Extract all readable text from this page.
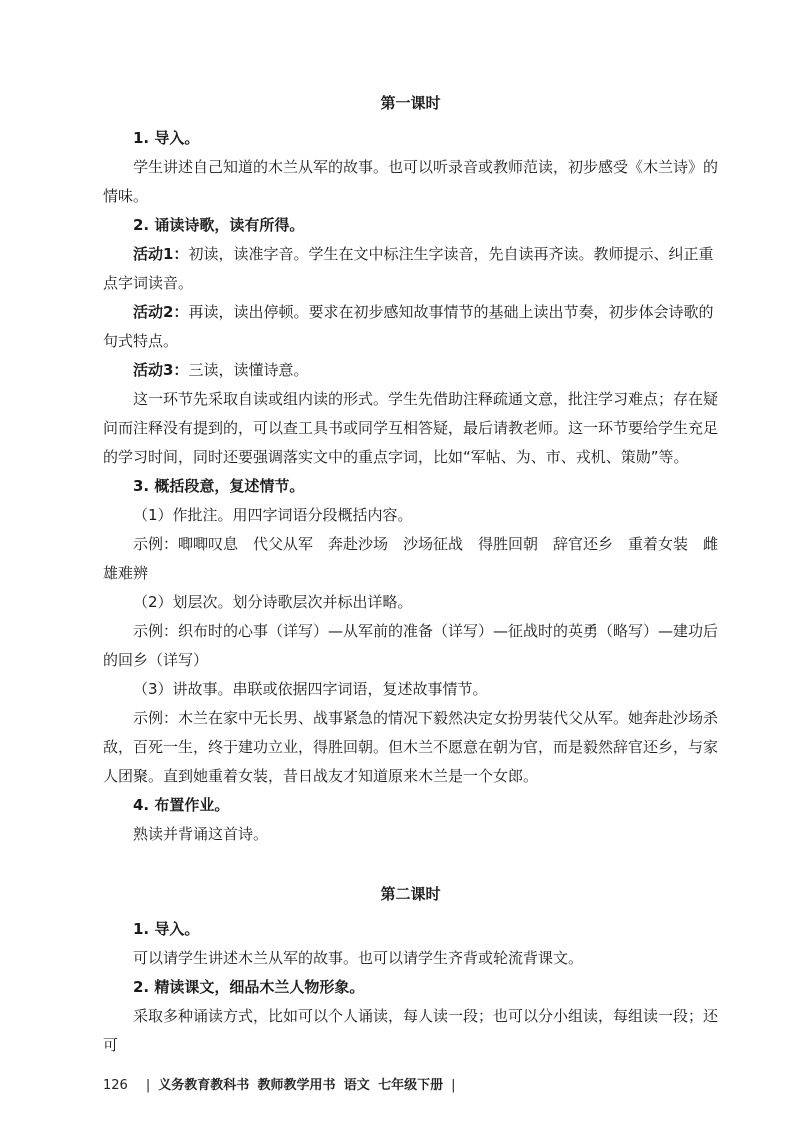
第一课时

1. 导入。

学生讲述自己知道的木兰从军的故事。也可以听录音或教师范读，初步感受《木兰诗》的情味。

2. 诵读诗歌，读有所得。

活动1：初读，读准字音。学生在文中标注生字读音，先自读再齐读。教师提示、纠正重点字词读音。

活动2：再读，读出停顿。要求在初步感知故事情节的基础上读出节奏，初步体会诗歌的句式特点。

活动3：三读，读懂诗意。

这一环节先采取自读或组内读的形式。学生先借助注释疏通文意，批注学习难点；存在疑问而注释没有提到的，可以查工具书或同学互相答疑，最后请教老师。这一环节要给学生充足的学习时间，同时还要强调落实文中的重点字词，比如“军帖、为、市、戎机、策勋”等。

3. 概括段意，复述情节。

（1）作批注。用四字词语分段概括内容。

示例：唧唧叹息　代父从军　奔赴沙场　沙场征战　得胜回朝　辞官还乡　重着女装　雌雄难辨

（2）划层次。划分诗歌层次并标出详略。

示例：织布时的心事（详写）—从军前的准备（详写）—征战时的英勇（略写）—建功后的回乡（详写）

（3）讲故事。串联或依据四字词语，复述故事情节。

示例：木兰在家中无长男、战事紧急的情况下毅然决定女扮男装代父从军。她奔赴沙场杀敌，百死一生，终于建功立业，得胜回朝。但木兰不愿意在朝为官，而是毅然辞官还乡，与家人团聚。直到她重着女装，昔日战友才知道原来木兰是一个女郎。

4. 布置作业。

熟读并背诵这首诗。

第二课时

1. 导入。

可以请学生讲述木兰从军的故事。也可以请学生齐背或轮流背课文。

2. 精读课文，细品木兰人物形象。

采取多种诵读方式，比如可以个人诵读，每人读一段；也可以分小组读，每组读一段；还可

126 | 义务教育教科书 教师教学用书 语文 七年级下册 |
